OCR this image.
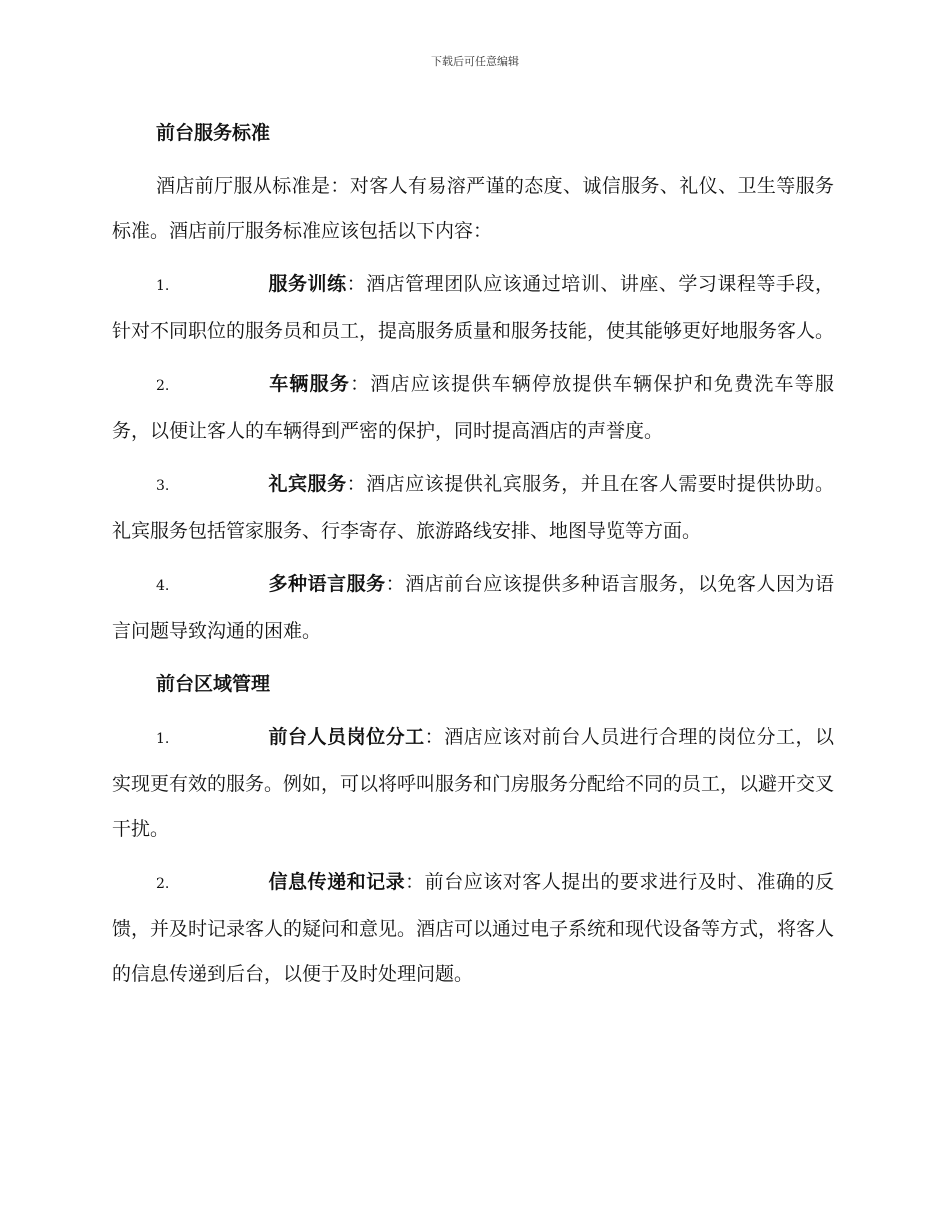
下载后可任意编辑
前台服务标准
酒店前厅服从标准是：对客人有易溶严谨的态度、诚信服务、礼仪、卫生等服务标准。酒店前厅服务标准应该包括以下内容：
1.	服务训练：酒店管理团队应该通过培训、讲座、学习课程等手段，针对不同职位的服务员和员工，提高服务质量和服务技能，使其能够更好地服务客人。
2.	车辆服务：酒店应该提供车辆停放提供车辆保护和免费洗车等服务，以便让客人的车辆得到严密的保护，同时提高酒店的声誉度。
3.	礼宾服务：酒店应该提供礼宾服务，并且在客人需要时提供协助。礼宾服务包括管家服务、行李寄存、旅游路线安排、地图导览等方面。
4.	多种语言服务：酒店前台应该提供多种语言服务，以免客人因为语言问题导致沟通的困难。
前台区域管理
1.	前台人员岗位分工：酒店应该对前台人员进行合理的岗位分工，以实现更有效的服务。例如，可以将呼叫服务和门房服务分配给不同的员工，以避开交叉干扰。
2.	信息传递和记录：前台应该对客人提出的要求进行及时、准确的反馈，并及时记录客人的疑问和意见。酒店可以通过电子系统和现代设备等方式，将客人的信息传递到后台，以便于及时处理问题。
